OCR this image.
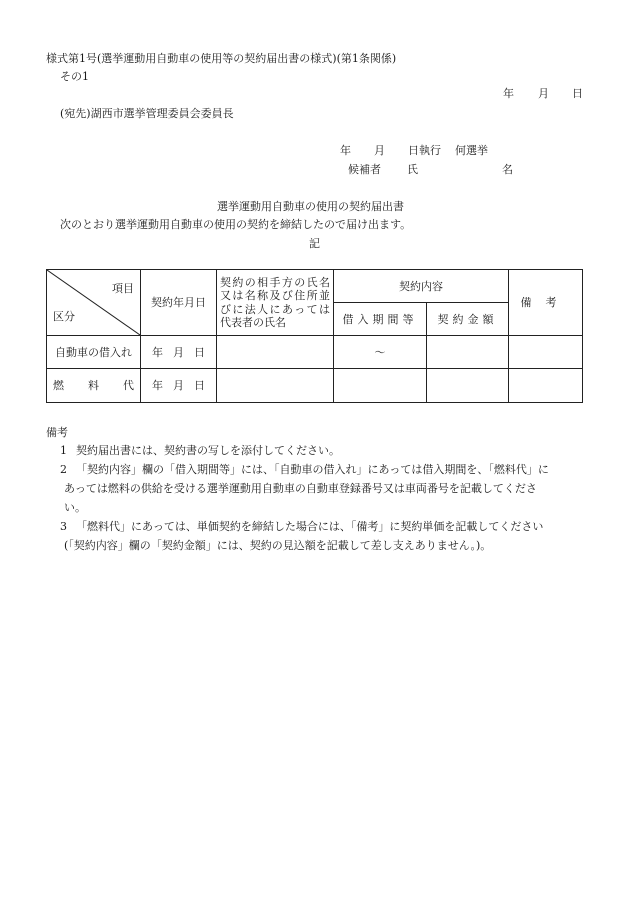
様式第1号(選挙運動用自動車の使用等の契約届出書の様式)(第1条関係)
その1
年 月 日
(宛先)湖西市選挙管理委員会委員長
年 月 日執行 何選挙
候補者 氏	名
選挙運動用自動車の使用の契約届出書
次のとおり選挙運動用自動車の使用の契約を締結したので届け出ます。
記
項目
区分	契約年月日	契約の相手方の氏名
又は名称及び住所並
びに法人にあっては
代表者の氏名	契約内容		備考
			借入期間等	契約金額	
自動車の借入れ	年 月 日		〜		
燃料代	年 月 日				
備考
1 契約届出書には、契約書の写しを添付してください。
2 「契約内容」欄の「借入期間等」には、「自動車の借入れ」にあっては借入期間を、「燃料代」に
あっては燃料の供給を受ける選挙運動用自動車の自動車登録番号又は車両番号を記載してくださ
い。
3 「燃料代」にあっては、単価契約を締結した場合には、「備考」に契約単価を記載してください
(「契約内容」欄の「契約金額」には、契約の見込額を記載して差し支えありません。)。
